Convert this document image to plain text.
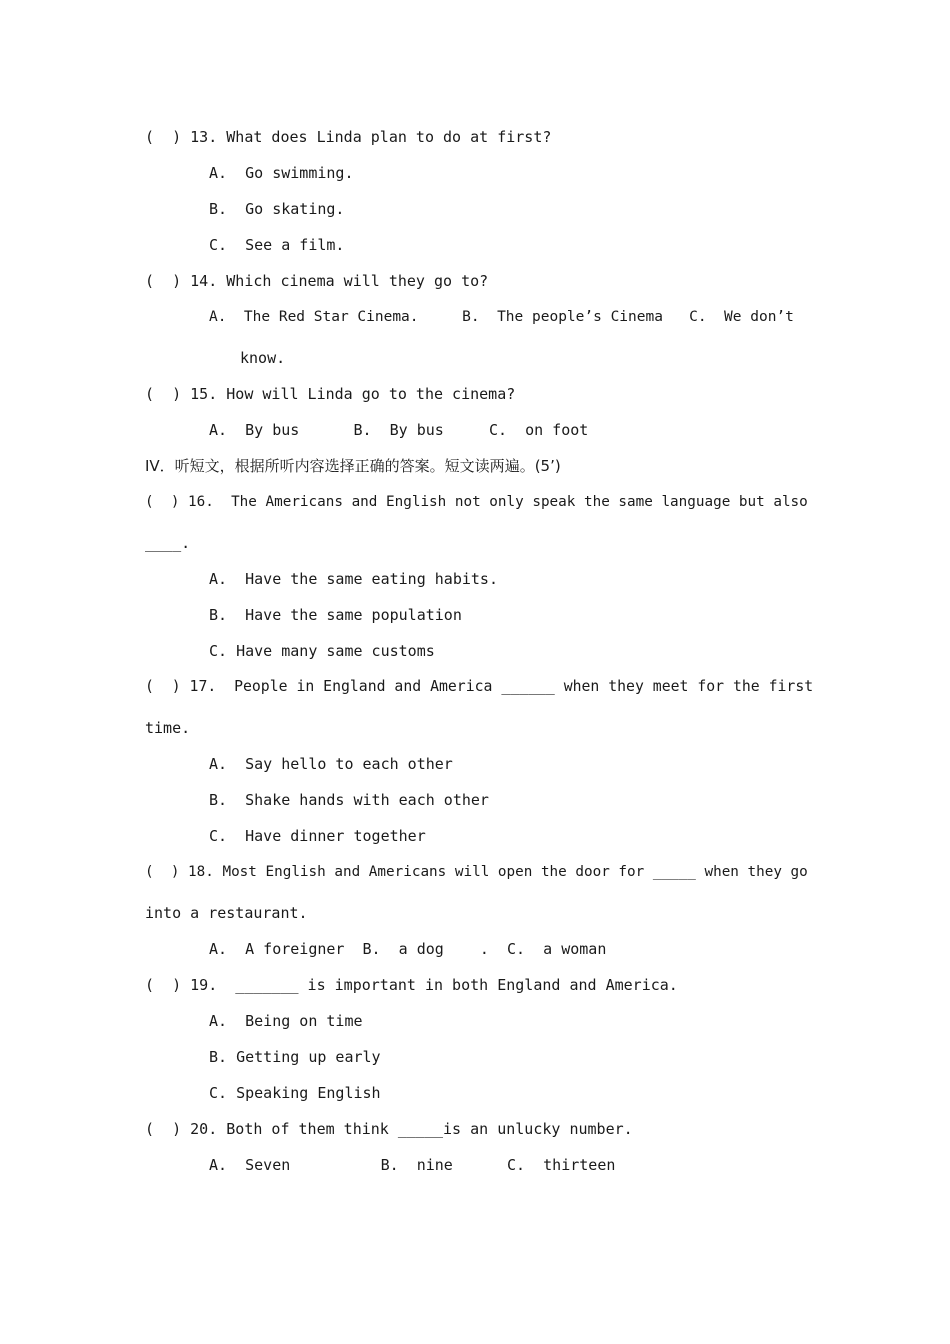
(  ) 13. What does Linda plan to do at first?
A.  Go swimming.
B.  Go skating.
C.  See a film.
(  ) 14. Which cinema will they go to?
A.  The Red Star Cinema.     B.  The people’s Cinema   C.  We don’t
know.
(  ) 15. How will Linda go to the cinema?
A.  By bus      B.  By bus     C.  on foot
IV．听短文，根据所听内容选择正确的答案。短文读两遍。(5’)
(  ) 16.  The Americans and English not only speak the same language but also
____.
A.  Have the same eating habits.
B.  Have the same population
C. Have many same customs
(  ) 17.  People in England and America ______ when they meet for the first
time.
A.  Say hello to each other
B.  Shake hands with each other
C.  Have dinner together
(  ) 18. Most English and Americans will open the door for _____ when they go
into a restaurant.
A.  A foreigner  B.  a dog    .  C.  a woman
(  ) 19.  _______ is important in both England and America.
A.  Being on time
B. Getting up early
C. Speaking English
(  ) 20. Both of them think _____is an unlucky number.
A.  Seven          B.  nine      C.  thirteen
